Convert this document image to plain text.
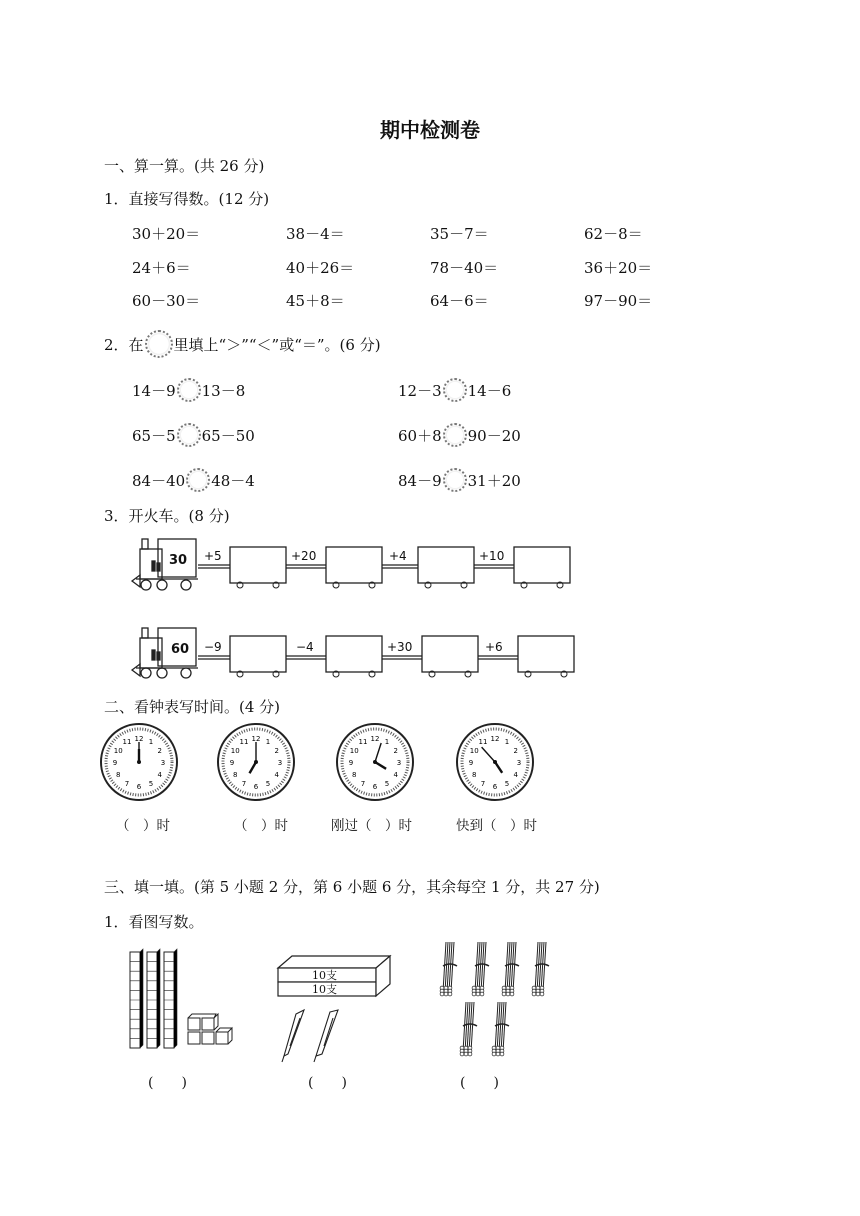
期中检测卷
一、算一算。(共 26 分)
1．直接写得数。(12 分)
30＋20＝	38－4＝	35－7＝	62－8＝
24＋6＝	40＋26＝	78－40＝	36＋20＝
60－30＝	45＋8＝	64－6＝	97－90＝
2．在 里填上“＞”“＜”或“＝”。(6 分)
14－9 13－8	12－3 14－6
65－5 65－50	60＋8 90－20
84－40 48－4	84－9 31＋20
3．开火车。(8 分)
30 +5	+20	+4	+10
60 −9	−4	+30	+6
二、看钟表写时间。(4 分)
1
2
3
4
5
6
7
8
9
10
11 12	1
2
3
4
5
6
7
8
9
10
11 12	1
2
3
4
5
6
7
8
9
10
11 12	1
2
3
4
5
6
7
8
9
10
11 12
（　）时	（　）时	刚过（　）时	快到（　）时
三、填一填。(第 5 小题 2 分，第 6 小题 6 分，其余每空 1 分，共 27 分)
1．看图写数。
10支
10支
(　　)	(　　)	(　　)
